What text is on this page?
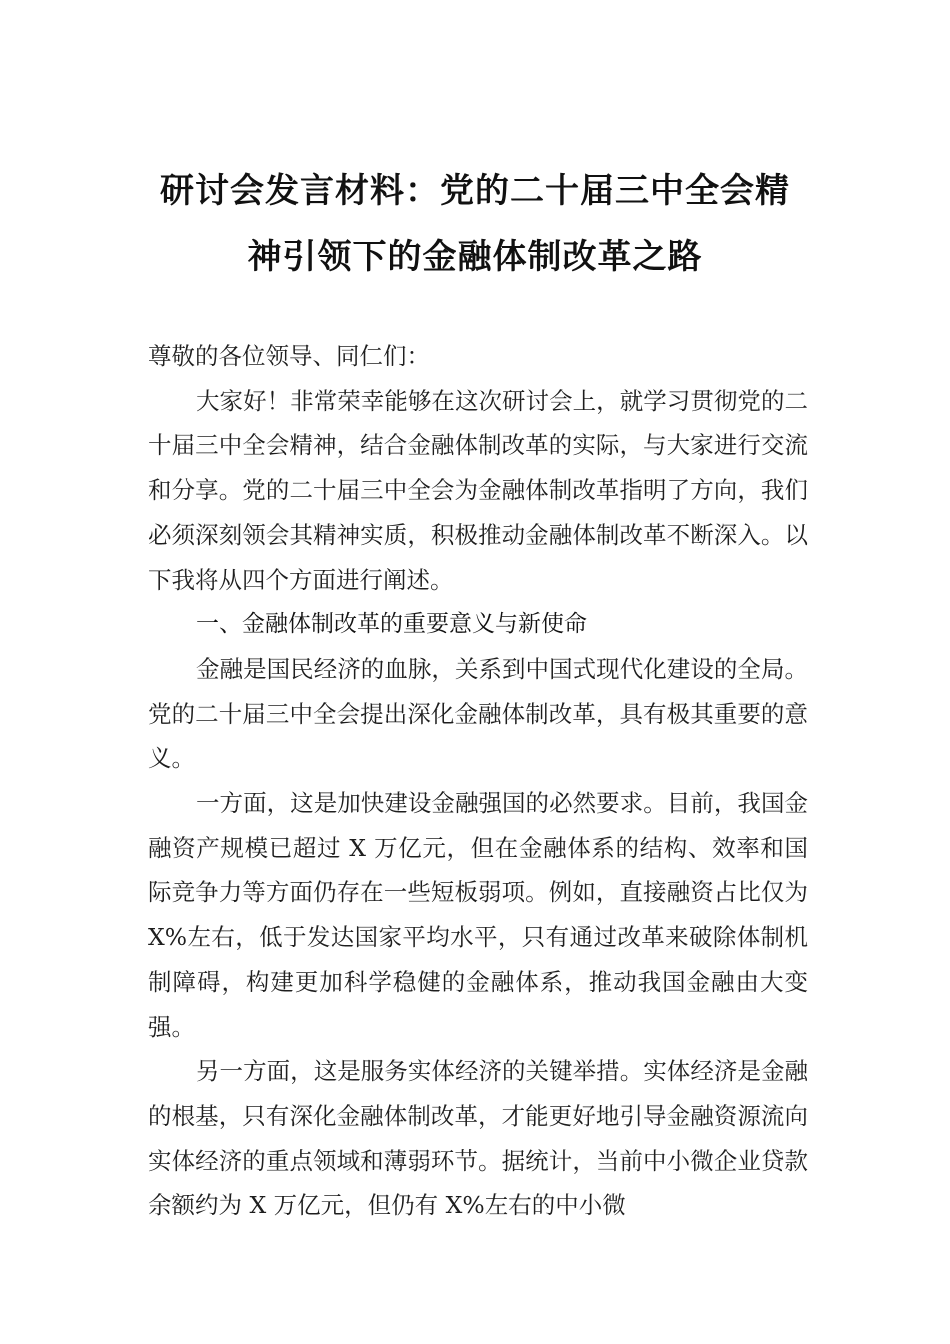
研讨会发言材料：党的二十届三中全会精
神引领下的金融体制改革之路

尊敬的各位领导、同仁们：

大家好！非常荣幸能够在这次研讨会上，就学习贯彻党的二十届三中全会精神，结合金融体制改革的实际，与大家进行交流和分享。党的二十届三中全会为金融体制改革指明了方向，我们必须深刻领会其精神实质，积极推动金融体制改革不断深入。以下我将从四个方面进行阐述。

一、金融体制改革的重要意义与新使命

金融是国民经济的血脉，关系到中国式现代化建设的全局。党的二十届三中全会提出深化金融体制改革，具有极其重要的意义。

一方面，这是加快建设金融强国的必然要求。目前，我国金融资产规模已超过 X 万亿元，但在金融体系的结构、效率和国际竞争力等方面仍存在一些短板弱项。例如，直接融资占比仅为 X%左右，低于发达国家平均水平，只有通过改革来破除体制机制障碍，构建更加科学稳健的金融体系，推动我国金融由大变强。

另一方面，这是服务实体经济的关键举措。实体经济是金融的根基，只有深化金融体制改革，才能更好地引导金融资源流向实体经济的重点领域和薄弱环节。据统计，当前中小微企业贷款余额约为 X 万亿元，但仍有 X%左右的中小微
